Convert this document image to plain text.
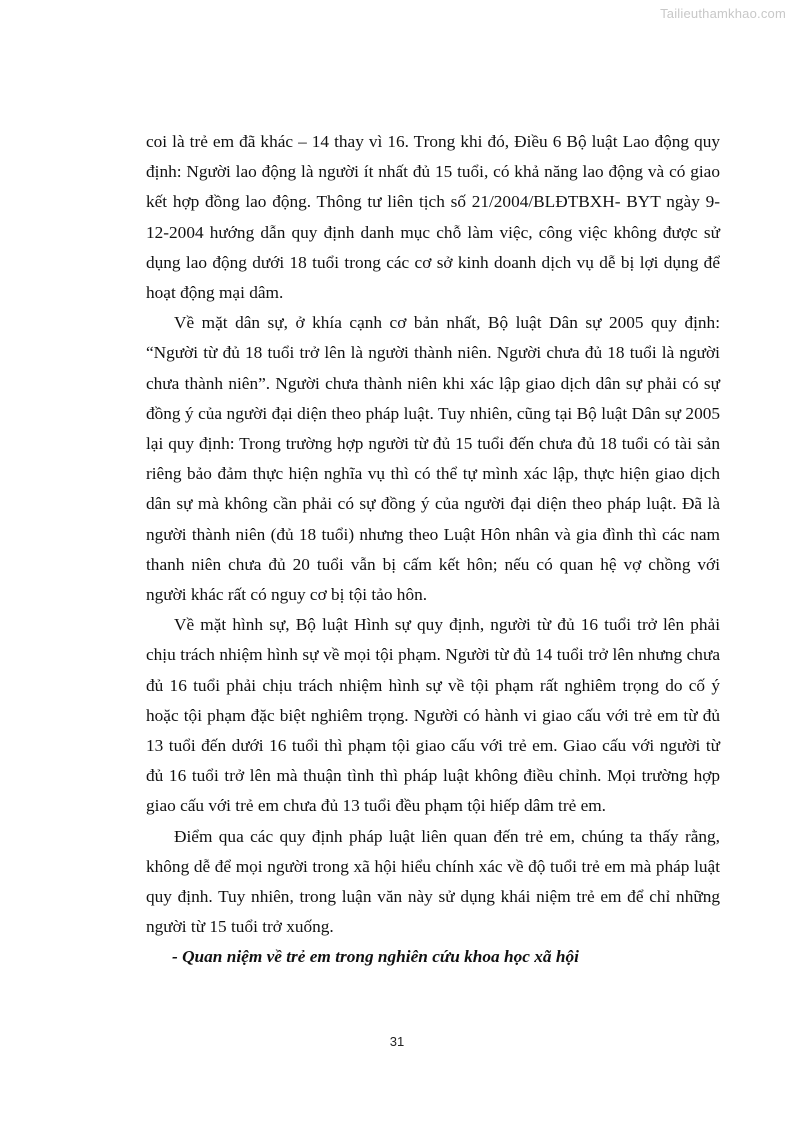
Tailieuthamkhao.com

coi là trẻ em đã khác – 14 thay vì 16. Trong khi đó, Điều 6 Bộ luật Lao động quy định: Người lao động là người ít nhất đủ 15 tuổi, có khả năng lao động và có giao kết hợp đồng lao động. Thông tư liên tịch số 21/2004/BLĐTBXH- BYT ngày 9-12-2004 hướng dẫn quy định danh mục chỗ làm việc, công việc không được sử dụng lao động dưới 18 tuổi trong các cơ sở kinh doanh dịch vụ dễ bị lợi dụng để hoạt động mại dâm.

Về mặt dân sự, ở khía cạnh cơ bản nhất, Bộ luật Dân sự 2005 quy định: “Người từ đủ 18 tuổi trở lên là người thành niên. Người chưa đủ 18 tuổi là người chưa thành niên”. Người chưa thành niên khi xác lập giao dịch dân sự phải có sự đồng ý của người đại diện theo pháp luật. Tuy nhiên, cũng tại Bộ luật Dân sự 2005 lại quy định: Trong trường hợp người từ đủ 15 tuổi đến chưa đủ 18 tuổi có tài sản riêng bảo đảm thực hiện nghĩa vụ thì có thể tự mình xác lập, thực hiện giao dịch dân sự mà không cần phải có sự đồng ý của người đại diện theo pháp luật. Đã là người thành niên (đủ 18 tuổi) nhưng theo Luật Hôn nhân và gia đình thì các nam thanh niên chưa đủ 20 tuổi vẫn bị cấm kết hôn; nếu có quan hệ vợ chồng với người khác rất có nguy cơ bị tội tảo hôn.

Về mặt hình sự, Bộ luật Hình sự quy định, người từ đủ 16 tuổi trở lên phải chịu trách nhiệm hình sự về mọi tội phạm. Người từ đủ 14 tuổi trở lên nhưng chưa đủ 16 tuổi phải chịu trách nhiệm hình sự về tội phạm rất nghiêm trọng do cố ý hoặc tội phạm đặc biệt nghiêm trọng. Người có hành vi giao cấu với trẻ em từ đủ 13 tuổi đến dưới 16 tuổi thì phạm tội giao cấu với trẻ em. Giao cấu với người từ đủ 16 tuổi trở lên mà thuận tình thì pháp luật không điều chỉnh. Mọi trường hợp giao cấu với trẻ em chưa đủ 13 tuổi đều phạm tội hiếp dâm trẻ em.

Điểm qua các quy định pháp luật liên quan đến trẻ em, chúng ta thấy rằng, không dễ để mọi người trong xã hội hiểu chính xác về độ tuổi trẻ em mà pháp luật quy định. Tuy nhiên, trong luận văn này sử dụng khái niệm trẻ em để chỉ những người từ 15 tuổi trở xuống.

- Quan niệm về trẻ em trong nghiên cứu khoa học xã hội

31
